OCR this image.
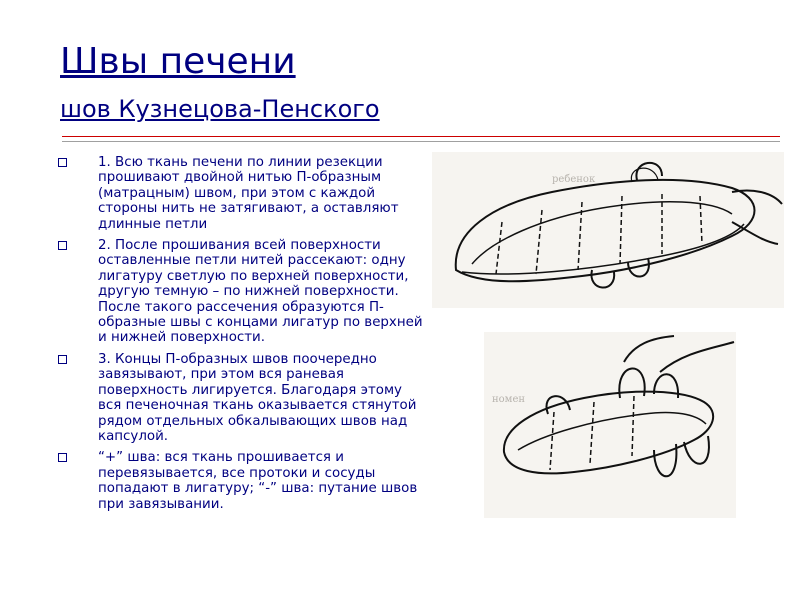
Швы печени
шов Кузнецова-Пенского
1. Всю ткань печени по линии резекции прошивают двойной нитью П-образным (матрацным) швом, при этом с каждой стороны нить не затягивают, а оставляют длинные петли
2. После прошивания всей поверхности оставленные петли нитей рассекают: одну лигатуру светлую по верхней поверхности, другую темную – по нижней поверхности. После такого рассечения образуются П-образные швы с концами лигатур по верхней и нижней поверхности.
3. Концы П-образных швов поочередно завязывают, при этом вся раневая поверхность лигируется. Благодаря этому вся печеночная ткань оказывается стянутой рядом отдельных обкалывающих швов над капсулой.
“+” шва: вся ткань прошивается и перевязывается, все протоки и сосуды попадают в лигатуру; “-” шва: путание швов при завязывании.
ребенок
номен
